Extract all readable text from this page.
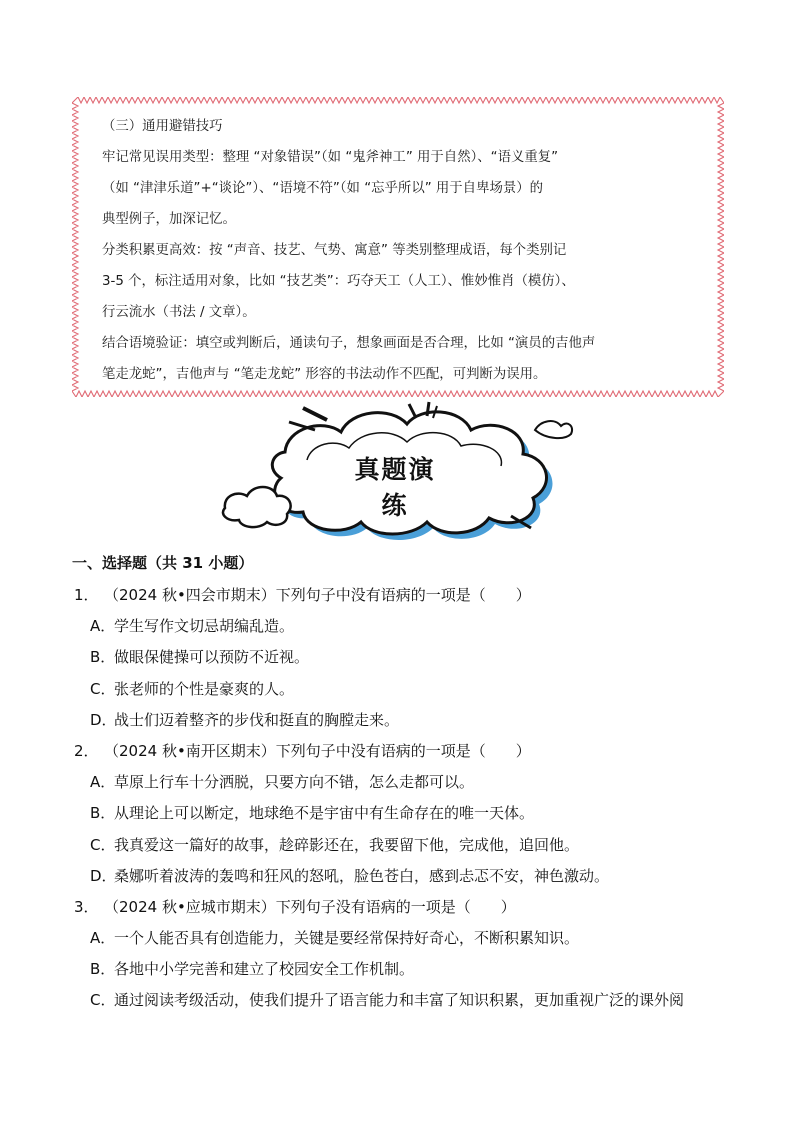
（三）通用避错技巧

牢记常见误用类型：整理 “对象错误”（如 “鬼斧神工” 用于自然）、“语义重复”
（如 “津津乐道”+“谈论”）、“语境不符”（如 “忘乎所以” 用于自卑场景）的
典型例子，加深记忆。
分类积累更高效：按 “声音、技艺、气势、寓意” 等类别整理成语，每个类别记
3-5 个，标注适用对象，比如 “技艺类”：巧夺天工（人工）、惟妙惟肖（模仿）、
行云流水（书法 / 文章）。
结合语境验证：填空或判断后，通读句子，想象画面是否合理，比如 “演员的吉他声
笔走龙蛇”，吉他声与 “笔走龙蛇” 形容的书法动作不匹配，可判断为误用。
真题演练
一、选择题（共 31 小题）
1． （2024 秋•四会市期末）下列句子中没有语病的一项是（　　）
A．学生写作文切忌胡编乱造。
B．做眼保健操可以预防不近视。
C．张老师的个性是豪爽的人。
D．战士们迈着整齐的步伐和挺直的胸膛走来。
2． （2024 秋•南开区期末）下列句子中没有语病的一项是（　　）
A．草原上行车十分洒脱，只要方向不错，怎么走都可以。
B．从理论上可以断定，地球绝不是宇宙中有生命存在的唯一天体。
C．我真爱这一篇好的故事，趁碎影还在，我要留下他，完成他，追回他。
D．桑娜听着波涛的轰鸣和狂风的怒吼，脸色苍白，感到忐忑不安，神色激动。
3． （2024 秋•应城市期末）下列句子没有语病的一项是（　　）
A．一个人能否具有创造能力，关键是要经常保持好奇心，不断积累知识。
B．各地中小学完善和建立了校园安全工作机制。
C．通过阅读考级活动，使我们提升了语言能力和丰富了知识积累，更加重视广泛的课外阅
